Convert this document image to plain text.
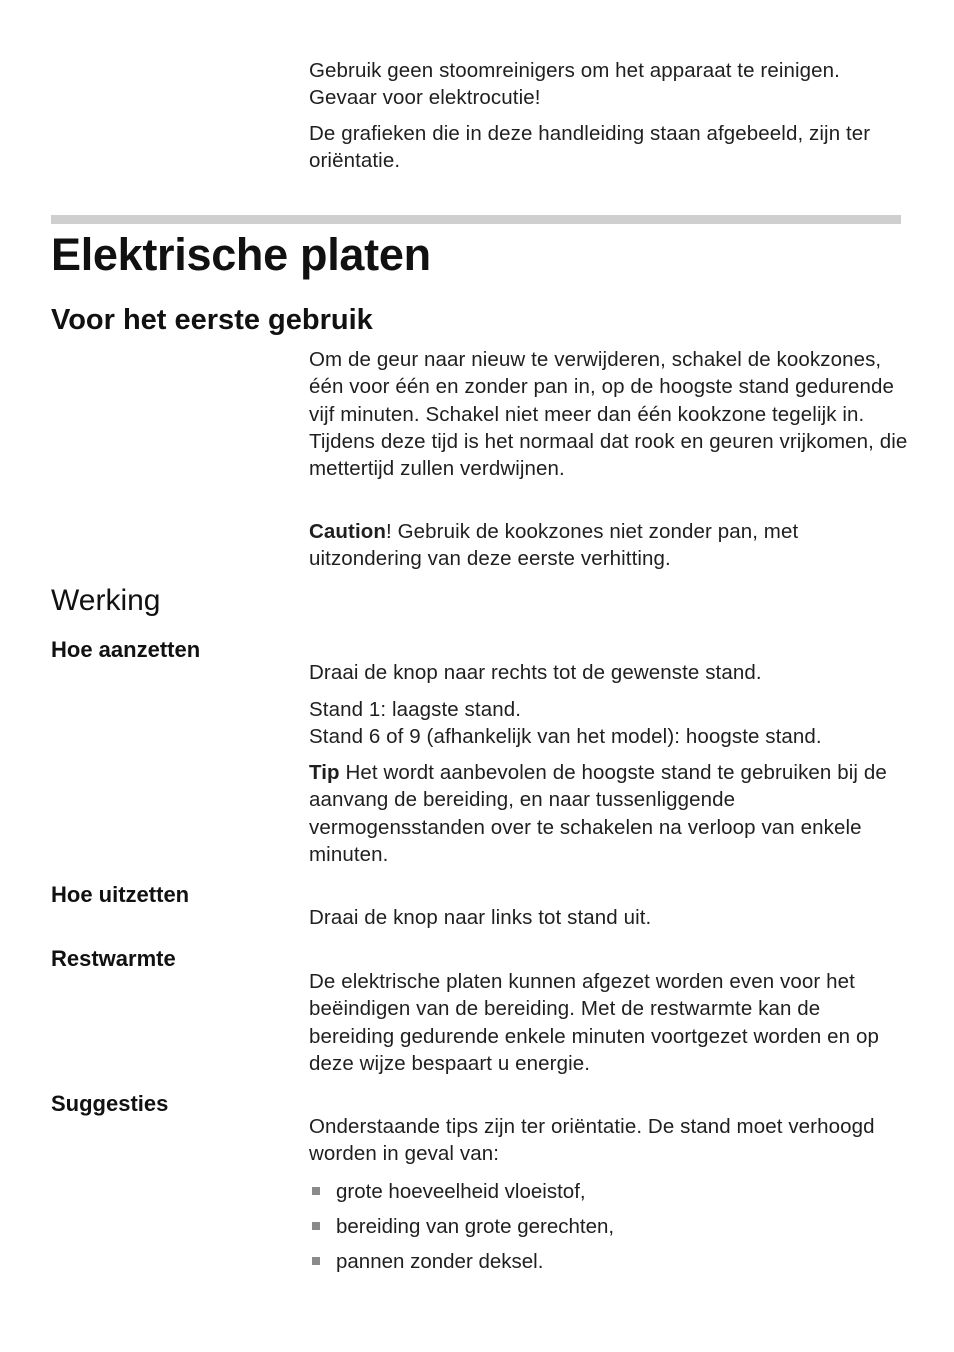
Gebruik geen stoomreinigers om het apparaat te reinigen. Gevaar voor elektrocutie!

De grafieken die in deze handleiding staan afgebeeld, zijn ter oriëntatie.

Elektrische platen
Voor het eerste gebruik

Om de geur naar nieuw te verwijderen, schakel de kookzones, één voor één en zonder pan in, op de hoogste stand gedurende vijf minuten. Schakel niet meer dan één kookzone tegelijk in. Tijdens deze tijd is het normaal dat rook en geuren vrijkomen, die mettertijd zullen verdwijnen.

Caution! Gebruik de kookzones niet zonder pan, met uitzondering van deze eerste verhitting.

Werking
Hoe aanzetten

Draai de knop naar rechts tot de gewenste stand.

Stand 1: laagste stand.
Stand 6 of 9 (afhankelijk van het model): hoogste stand.

Tip Het wordt aanbevolen de hoogste stand te gebruiken bij de aanvang de bereiding, en naar tussenliggende vermogensstanden over te schakelen na verloop van enkele minuten.

Hoe uitzetten

Draai de knop naar links tot stand uit.

Restwarmte

De elektrische platen kunnen afgezet worden even voor het beëindigen van de bereiding. Met de restwarmte kan de bereiding gedurende enkele minuten voortgezet worden en op deze wijze bespaart u energie.

Suggesties

Onderstaande tips zijn ter oriëntatie. De stand moet verhoogd worden in geval van:

grote hoeveelheid vloeistof,
bereiding van grote gerechten,
pannen zonder deksel.
